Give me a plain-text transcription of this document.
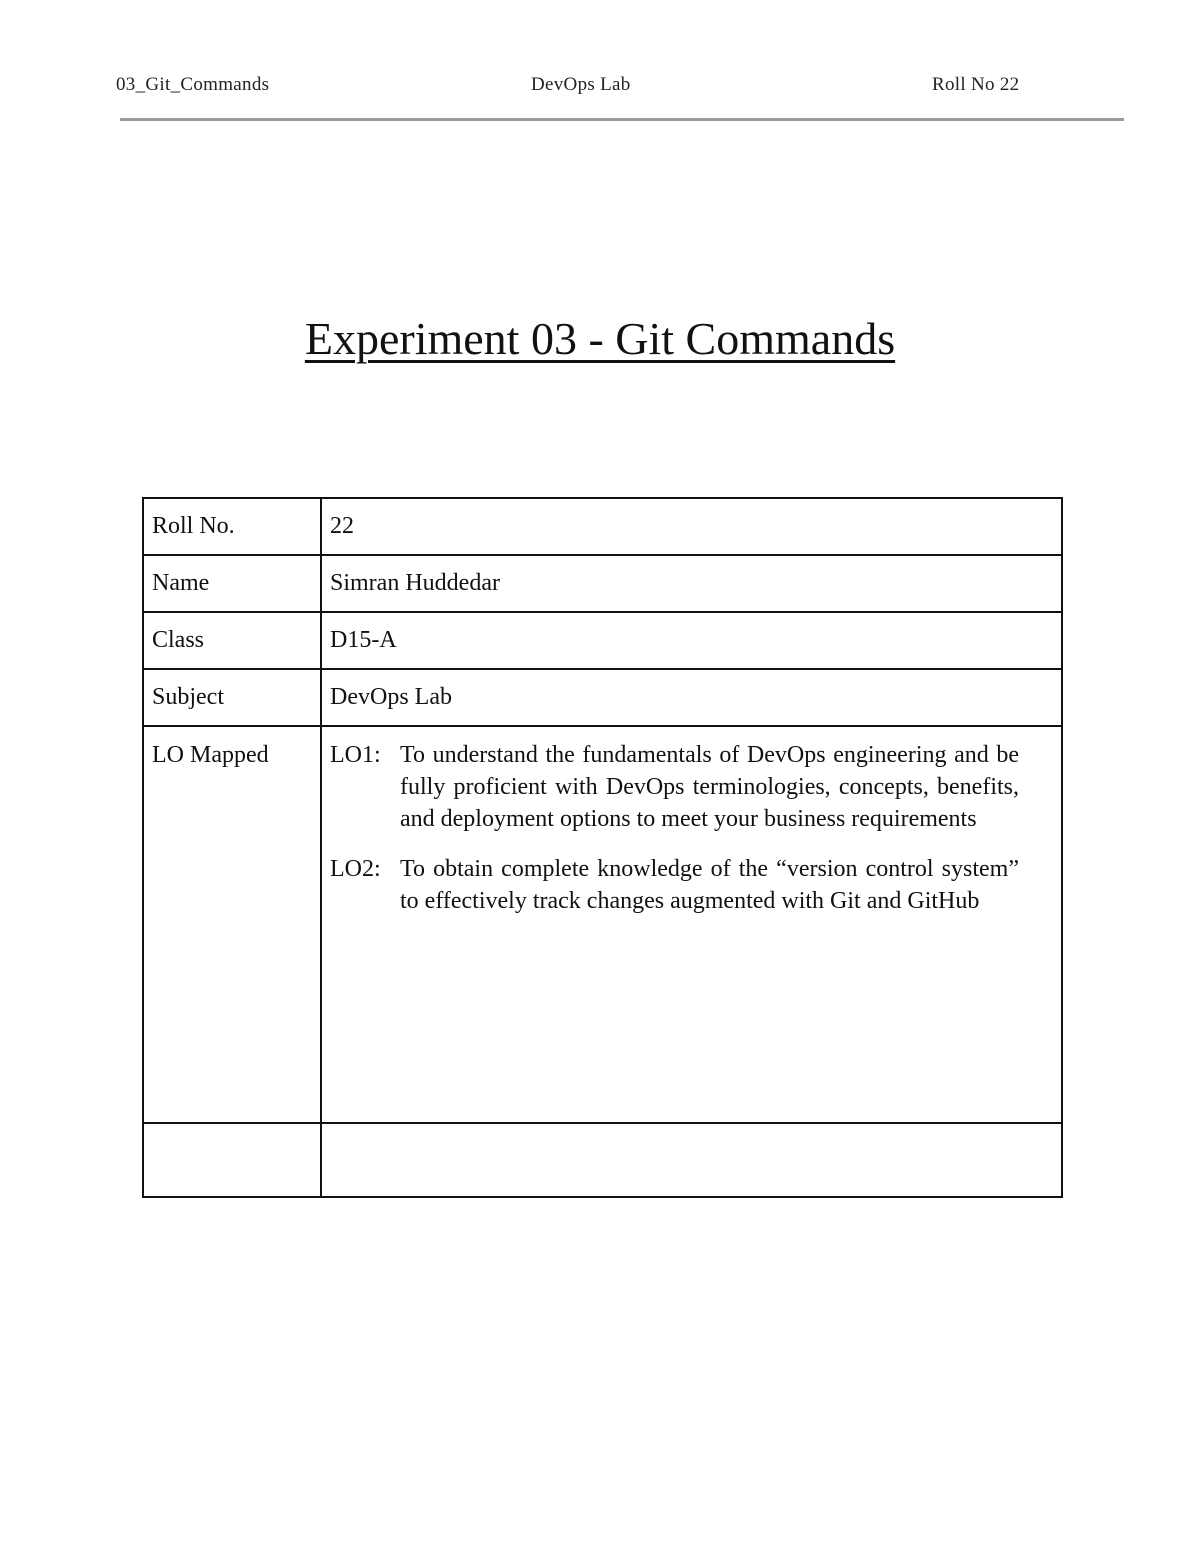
03_Git_Commands	DevOps Lab	Roll No 22
Experiment 03 - Git Commands
Roll No.	22
Name	Simran Huddedar
Class	D15-A
Subject	DevOps Lab
LO Mapped	LO1: To understand the fundamentals of DevOps engineering and be fully proficient with DevOps terminologies, concepts, benefits, and deployment options to meet your business requirements
LO2: To obtain complete knowledge of the “version control system” to effectively track changes augmented with Git and GitHub
